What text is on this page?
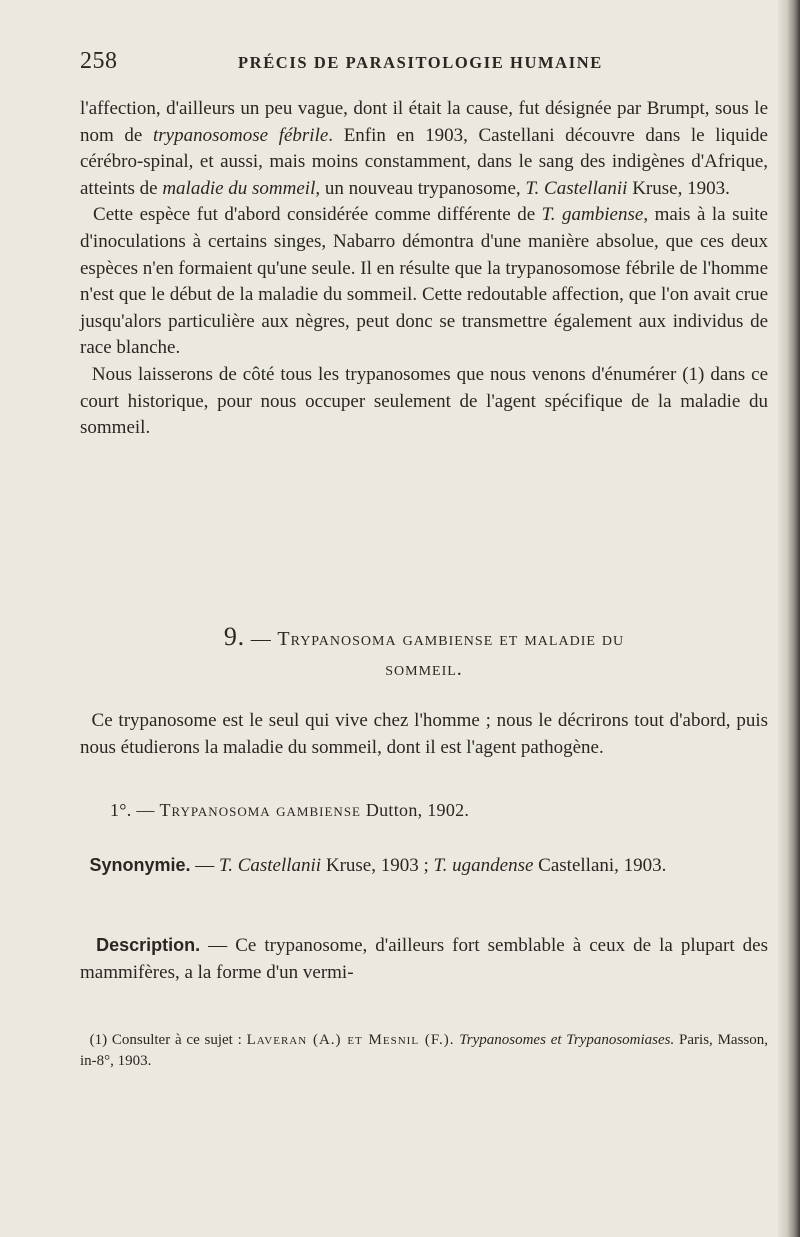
258	PRÉCIS DE PARASITOLOGIE HUMAINE

l'affection, d'ailleurs un peu vague, dont il était la cause, fut désignée par Brumpt, sous le nom de trypanosomose fébrile. Enfin en 1903, Castellani découvre dans le liquide cérébro-spinal, et aussi, mais moins constamment, dans le sang des indigènes d'Afrique, atteints de maladie du sommeil, un nouveau trypanosome, T. Castellanii Kruse, 1903.

Cette espèce fut d'abord considérée comme différente de T. gambiense, mais à la suite d'inoculations à certains singes, Nabarro démontra d'une manière absolue, que ces deux espèces n'en formaient qu'une seule. Il en résulte que la trypanosomose fébrile de l'homme n'est que le début de la maladie du sommeil. Cette redoutable affection, que l'on avait crue jusqu'alors particulière aux nègres, peut donc se transmettre également aux individus de race blanche.

Nous laisserons de côté tous les trypanosomes que nous venons d'énumérer (1) dans ce court historique, pour nous occuper seulement de l'agent spécifique de la maladie du sommeil.

9. — Trypanosoma gambiense et maladie du
sommeil.
Ce trypanosome est le seul qui vive chez l'homme ; nous le décrirons tout d'abord, puis nous étudierons la maladie du sommeil, dont il est l'agent pathogène.
1°. — Trypanosoma gambiense Dutton, 1902.
Synonymie. — T. Castellanii Kruse, 1903 ; T. ugandense Castellani, 1903.
Description. — Ce trypanosome, d'ailleurs fort semblable à ceux de la plupart des mammifères, a la forme d'un vermi-
(1) Consulter à ce sujet : Laveran (A.) et Mesnil (F.). Trypanosomes et Trypanosomiases. Paris, Masson, in-8°, 1903.
